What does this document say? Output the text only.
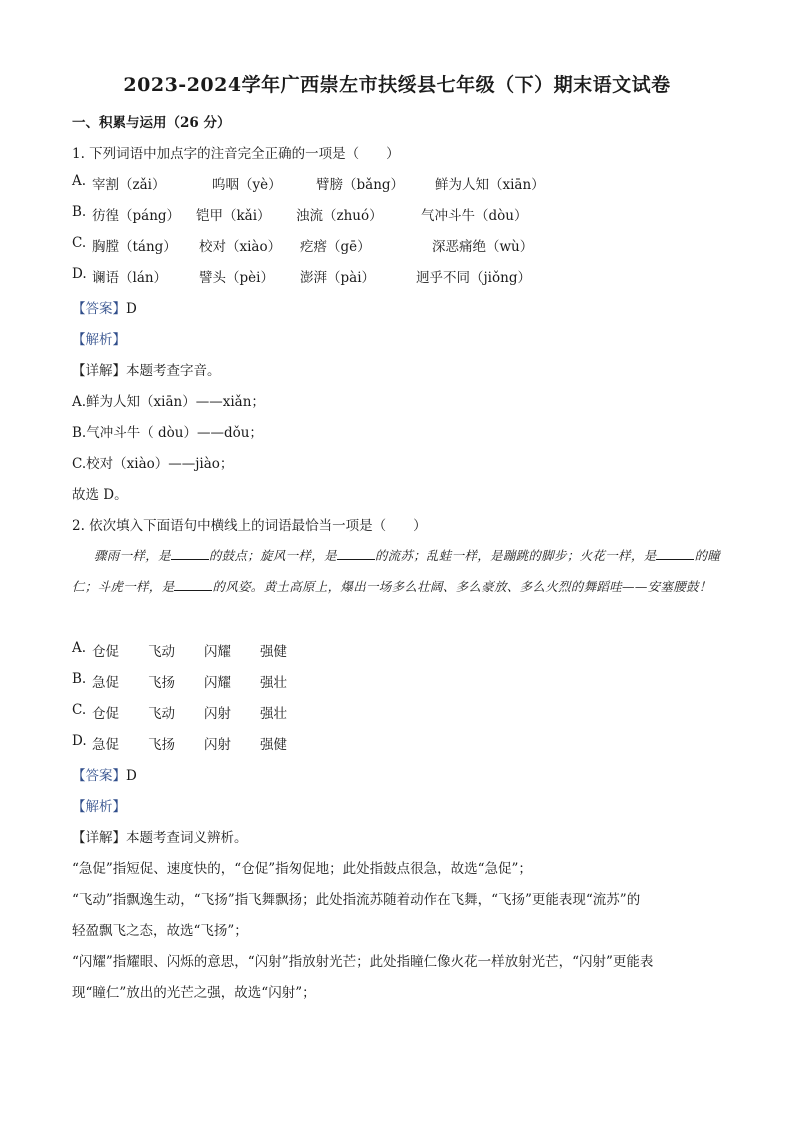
2023-2024学年广西崇左市扶绥县七年级（下）期末语文试卷
一、积累与运用（26 分）
1. 下列词语中加点字的注音完全正确的一项是（　　）
A. 宰割（zǎi）	呜咽（yè）	臂膀（bǎng） 鲜为人知（xiān）
B. 彷徨（páng） 铠甲（kǎi） 浊流（zhuó）	气冲斗牛（dòu）
C. 胸膛（táng） 校对（xiào） 疙瘩（gē）	深恶痛绝（wù）
D. 谰语（lán） 譬头（pèi） 澎湃（pài）	迥乎不同（jiǒng）
【答案】D
【解析】
【详解】本题考查字音。
A.鲜为人知（xiān）——xiǎn；
B.气冲斗牛（ dòu）——dǒu；
C.校对（xiào）——jiào；
故选 D。
2. 依次填入下面语句中横线上的词语最恰当一项是（　　）
骤雨一样，是	的鼓点；旋风一样，是	的流苏；乱蛙一样，是蹦跳的脚步；火花一样，是	的瞳仁；斗虎一样，是	的风姿。黄土高原上，爆出一场多么壮阔、多么豪放、多么火烈的舞蹈哇——安塞腰鼓！
A. 仓促 飞动 闪耀 强健
B. 急促 飞扬 闪耀 强壮
C. 仓促 飞动 闪射 强壮
D. 急促 飞扬 闪射 强健
【答案】D
【解析】
【详解】本题考查词义辨析。
“急促”指短促、速度快的，“仓促”指匆促地；此处指鼓点很急，故选“急促”；
“飞动”指飘逸生动，“飞扬”指飞舞飘扬；此处指流苏随着动作在飞舞，“飞扬”更能表现“流苏”的
轻盈飘飞之态，故选“飞扬”；
“闪耀”指耀眼、闪烁的意思，“闪射”指放射光芒；此处指瞳仁像火花一样放射光芒，“闪射”更能表
现“瞳仁”放出的光芒之强，故选“闪射”；
